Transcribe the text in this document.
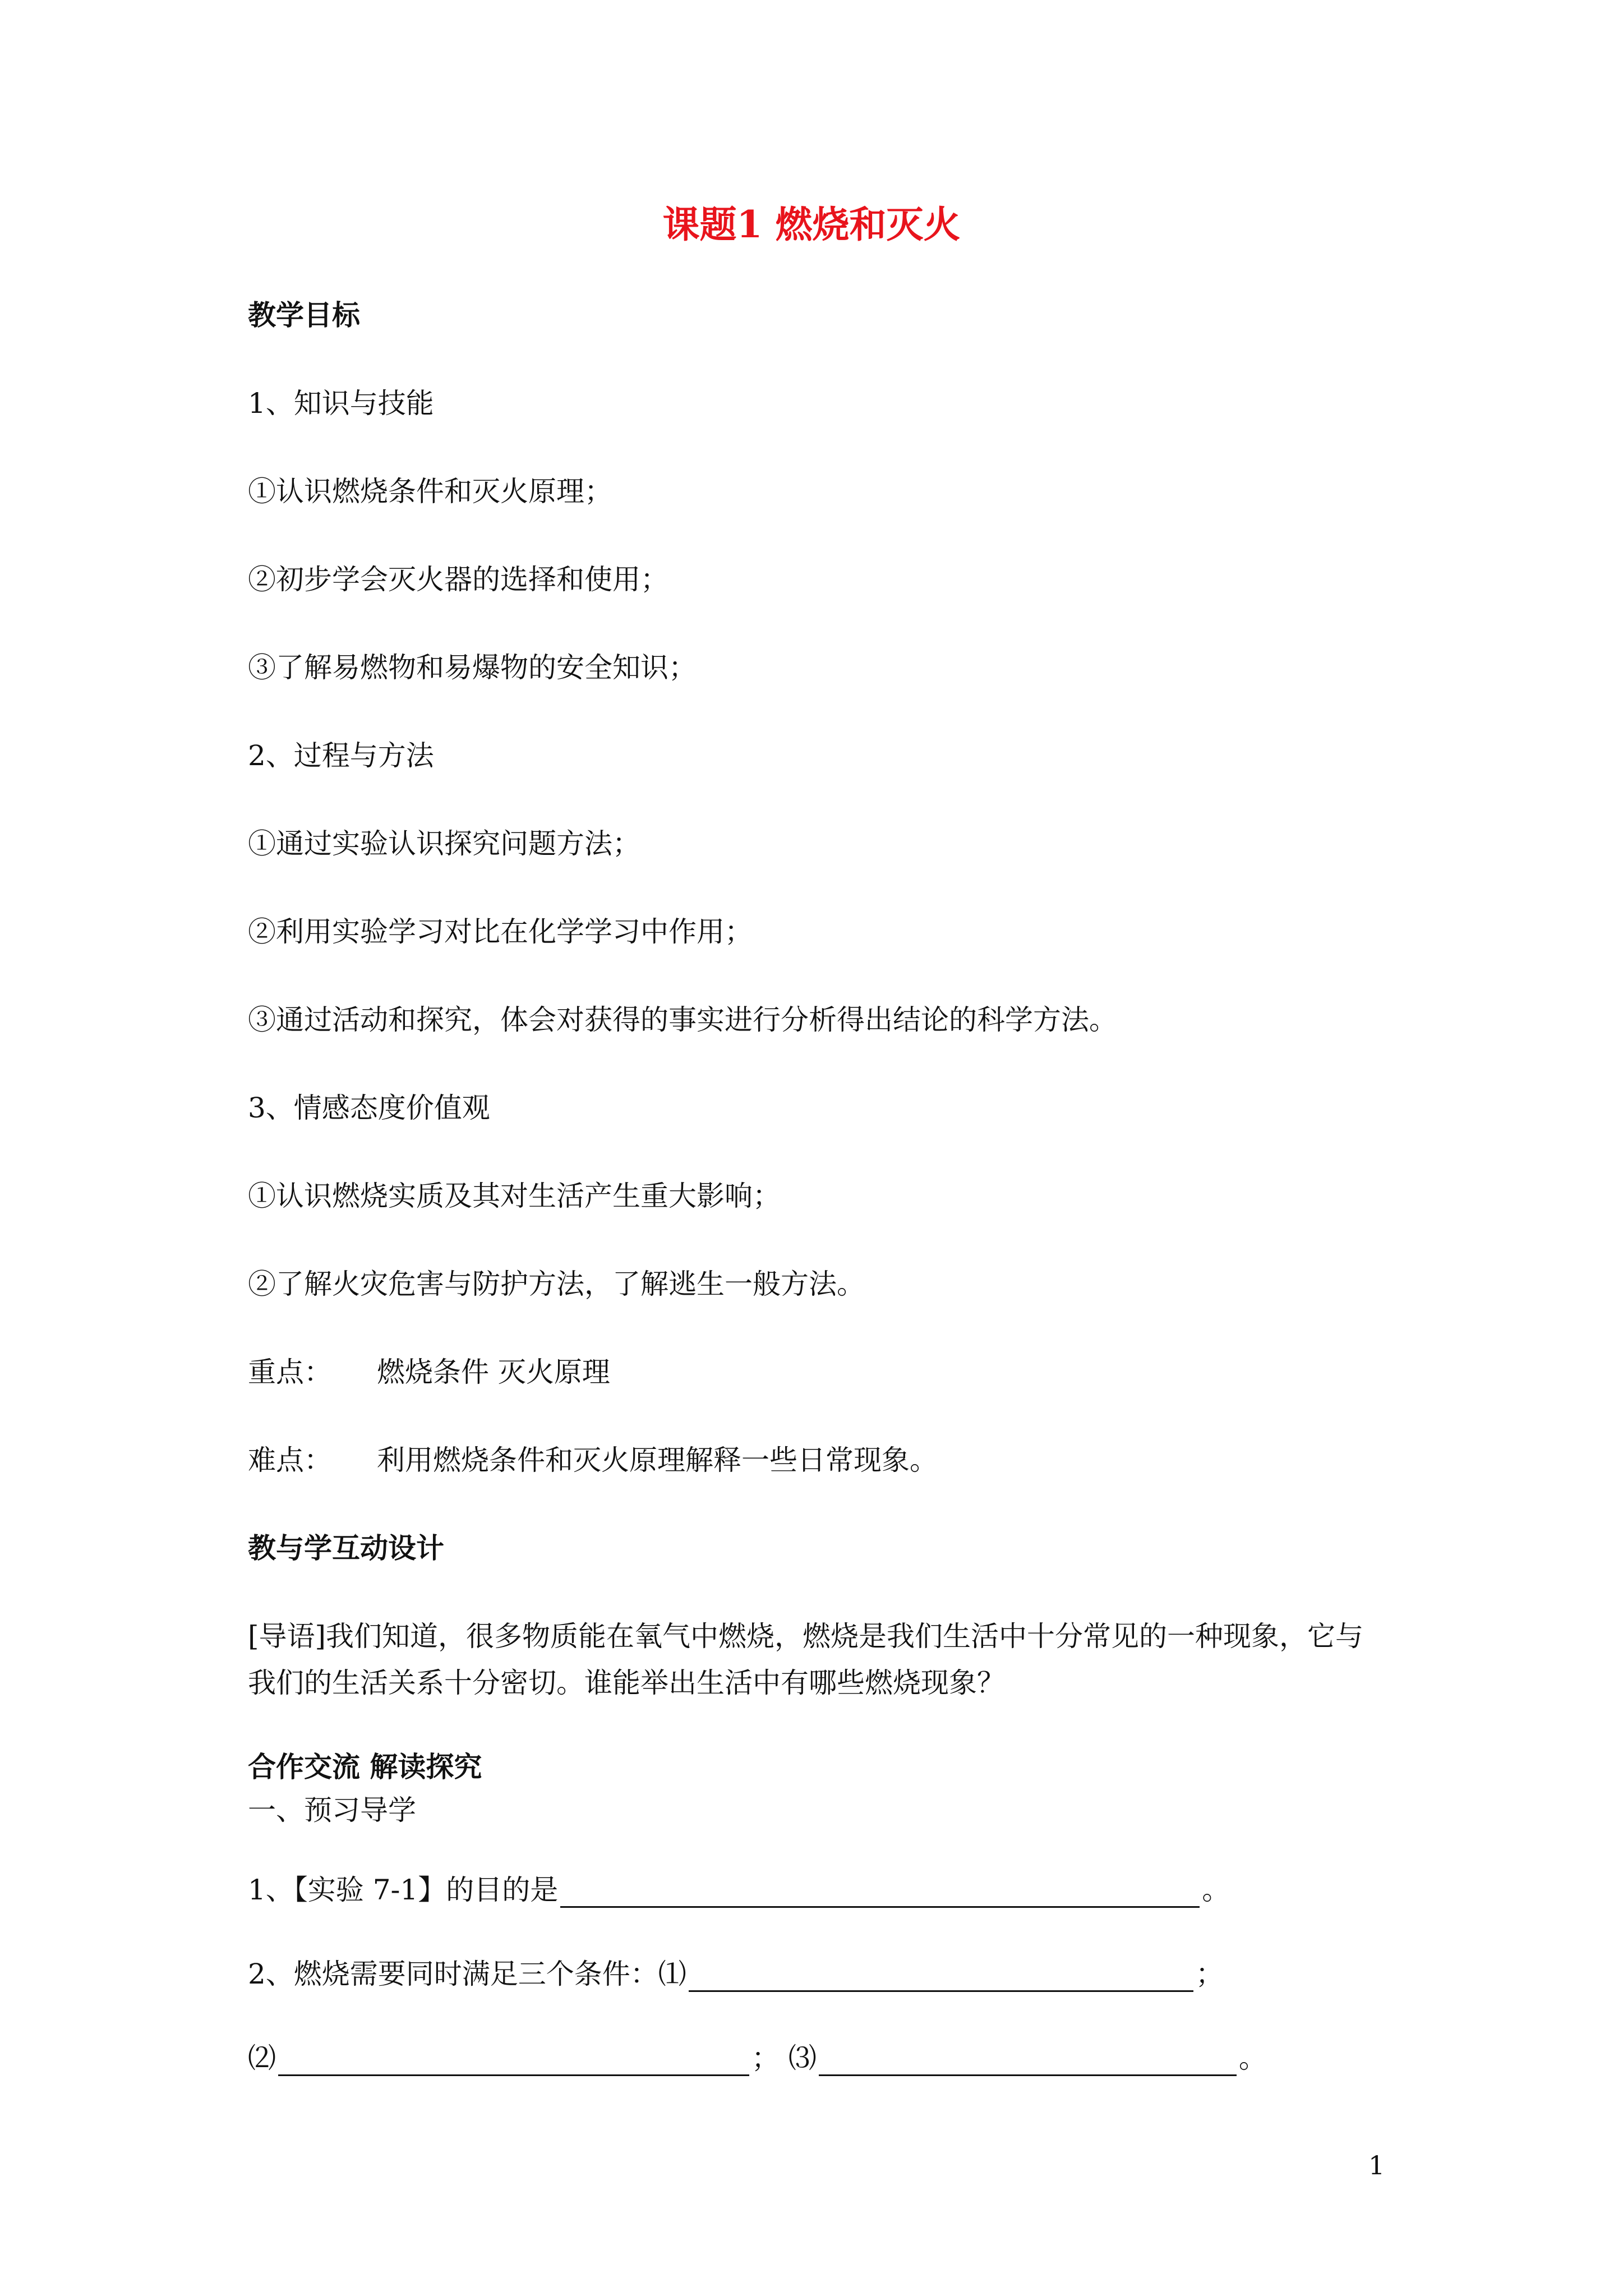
课题1 燃烧和灭火
教学目标
1、知识与技能
①认识燃烧条件和灭火原理；
②初步学会灭火器的选择和使用；
③了解易燃物和易爆物的安全知识；
2、过程与方法
①通过实验认识探究问题方法；
②利用实验学习对比在化学学习中作用；
③通过活动和探究，体会对获得的事实进行分析得出结论的科学方法。
3、情感态度价值观
①认识燃烧实质及其对生活产生重大影响；
②了解火灾危害与防护方法，了解逃生一般方法。
重点： 燃烧条件 灭火原理
难点： 利用燃烧条件和灭火原理解释一些日常现象。
教与学互动设计
[导语]我们知道，很多物质能在氧气中燃烧，燃烧是我们生活中十分常见的一种现象，它与
我们的生活关系十分密切。谁能举出生活中有哪些燃烧现象？
合作交流 解读探究
一、预习导学
1、【实验 7-1】的目的是	。
2、燃烧需要同时满足三个条件：⑴	；
⑵	； ⑶	。
1
